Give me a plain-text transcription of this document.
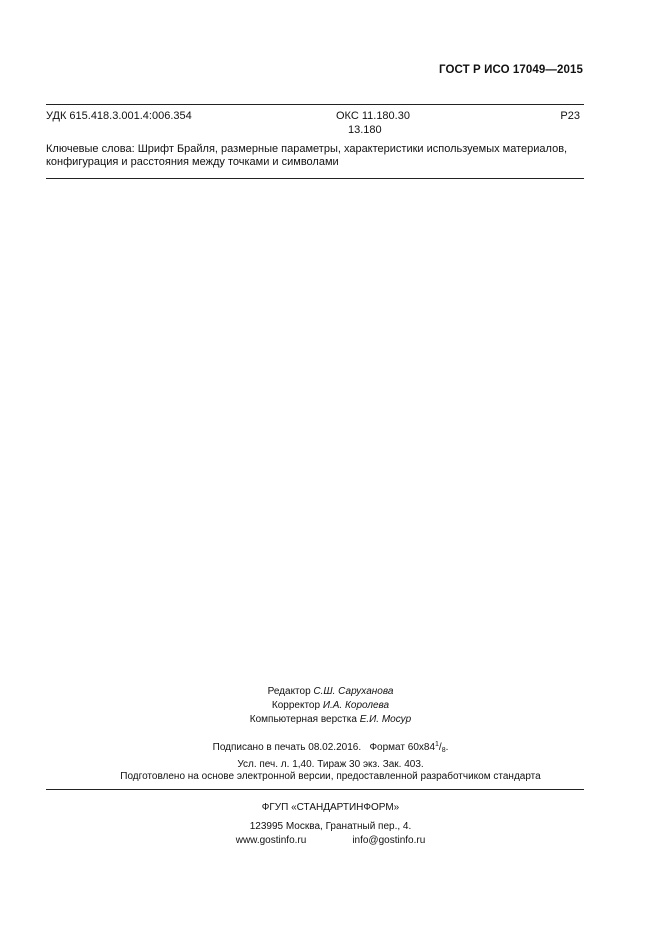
ГОСТ Р ИСО 17049—2015
УДК 615.418.3.001.4:006.354	ОКС 11.180.30
13.180
Р23
Ключевые слова: Шрифт Брайля, размерные параметры, характеристики используемых материалов,
конфигурация и расстояния между точками и символами
Редактор С.Ш. Саруханова
Корректор И.А. Королева
Компьютерная верстка Е.И. Мосур
Подписано в печать 08.02.2016. Формат $60x84^1/_8$.
Усл. печ. л. 1,40. Тираж 30 экз. Зак. 403.
Подготовлено на основе электронной версии, предоставленной разработчиком стандарта
ФГУП «СТАНДАРТИНФОРМ»
123995 Москва, Гранатный пер., 4.
www.gostinfo.ru	info@gostinfo.ru
